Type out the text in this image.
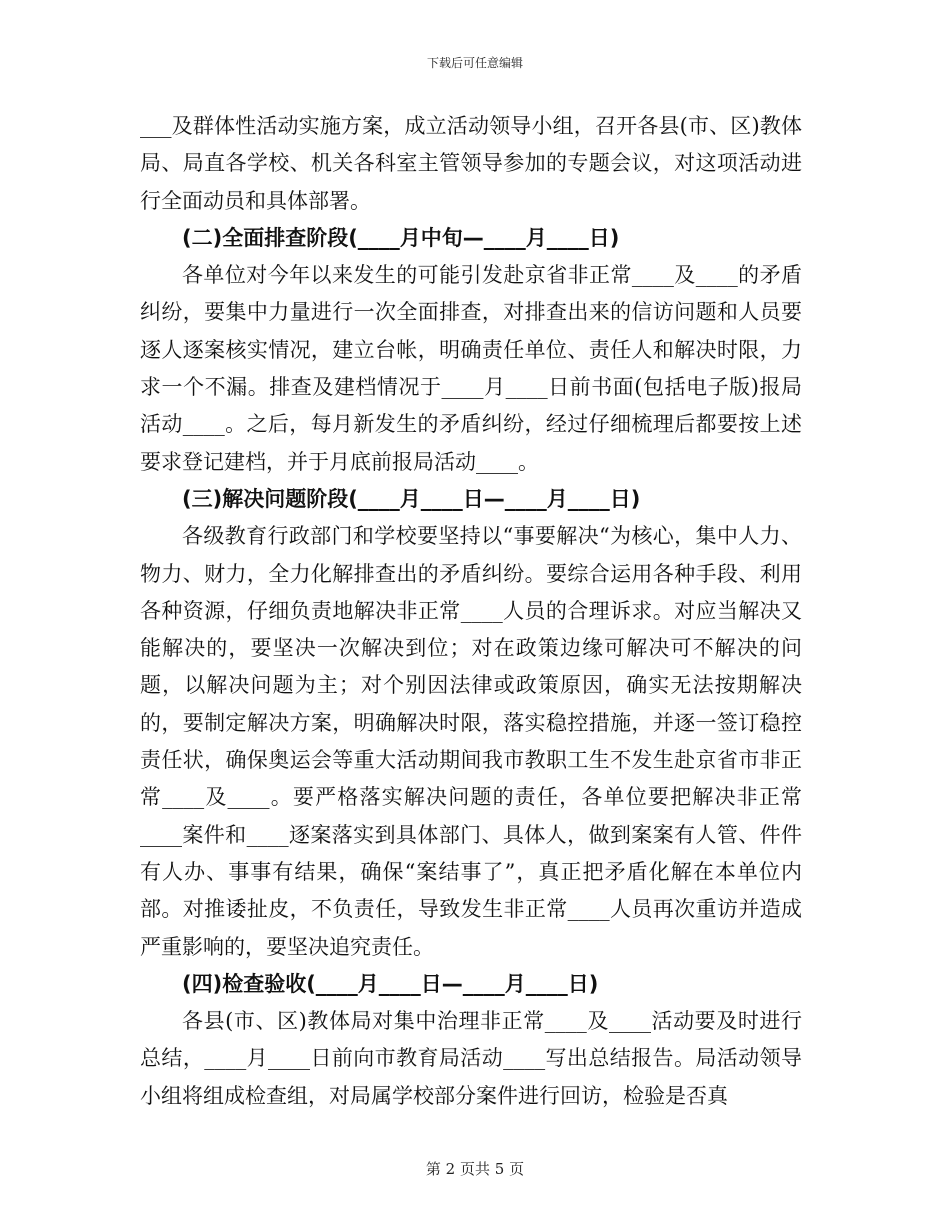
下载后可任意编辑

___及群体性活动实施方案，成立活动领导小组，召开各县(市、区)教体局、局直各学校、机关各科室主管领导参加的专题会议，对这项活动进行全面动员和具体部署。

(二)全面排查阶段(____月中旬—____月____日)

各单位对今年以来发生的可能引发赴京省非正常____及____的矛盾纠纷，要集中力量进行一次全面排查，对排查出来的信访问题和人员要逐人逐案核实情况，建立台帐，明确责任单位、责任人和解决时限，力求一个不漏。排查及建档情况于____月____日前书面(包括电子版)报局活动____。之后，每月新发生的矛盾纠纷，经过仔细梳理后都要按上述要求登记建档，并于月底前报局活动____。

(三)解决问题阶段(____月____日—____月____日)

各级教育行政部门和学校要坚持以“事要解决“为核心，集中人力、物力、财力，全力化解排查出的矛盾纠纷。要综合运用各种手段、利用各种资源，仔细负责地解决非正常____人员的合理诉求。对应当解决又能解决的，要坚决一次解决到位；对在政策边缘可解决可不解决的问题，以解决问题为主；对个别因法律或政策原因，确实无法按期解决的，要制定解决方案，明确解决时限，落实稳控措施，并逐一签订稳控责任状，确保奥运会等重大活动期间我市教职工生不发生赴京省市非正常____及____。要严格落实解决问题的责任，各单位要把解决非正常____案件和____逐案落实到具体部门、具体人，做到案案有人管、件件有人办、事事有结果，确保“案结事了”，真正把矛盾化解在本单位内部。对推诿扯皮，不负责任，导致发生非正常____人员再次重访并造成严重影响的，要坚决追究责任。

(四)检查验收(____月____日—____月____日)

各县(市、区)教体局对集中治理非正常____及____活动要及时进行总结，____月____日前向市教育局活动____写出总结报告。局活动领导小组将组成检查组，对局属学校部分案件进行回访，检验是否真

第 2 页共 5 页
